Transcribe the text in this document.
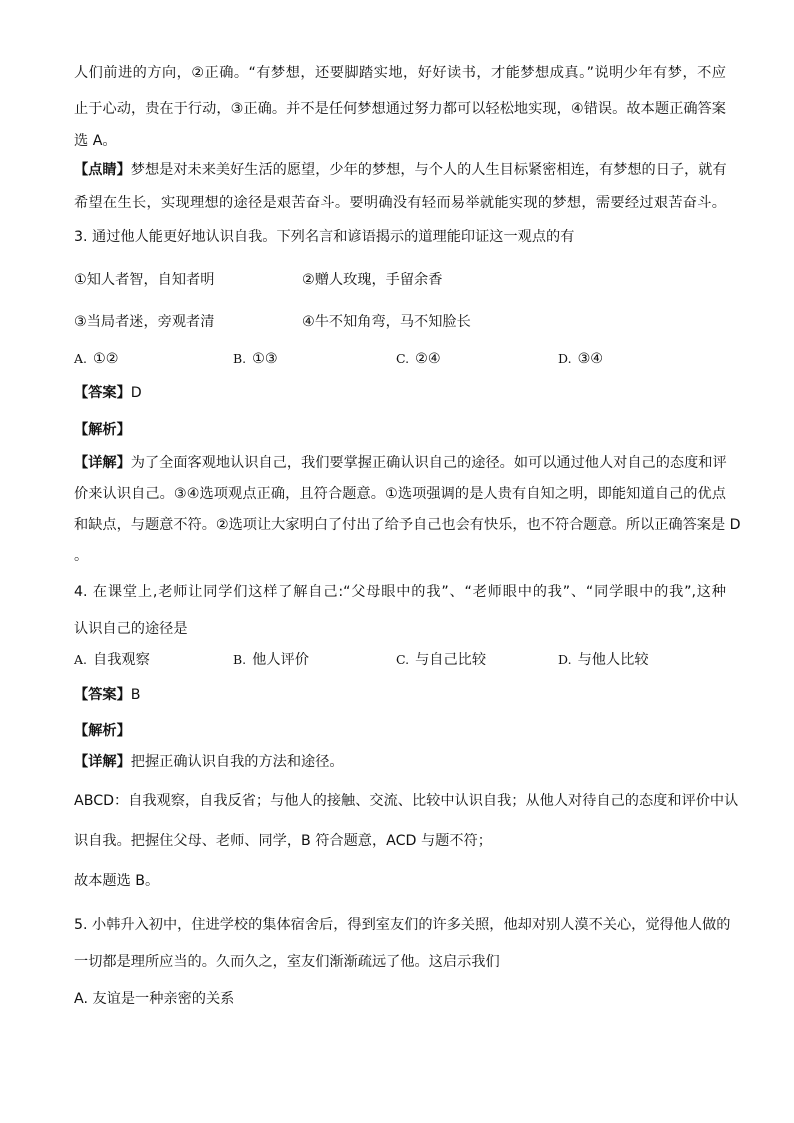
人们前进的方向，②正确。“有梦想，还要脚踏实地，好好读书，才能梦想成真。”说明少年有梦，不应
止于心动，贵在于行动，③正确。并不是任何梦想通过努力都可以轻松地实现，④错误。故本题正确答案
选 A。
【点睛】梦想是对未来美好生活的愿望，少年的梦想，与个人的人生目标紧密相连，有梦想的日子，就有
希望在生长，实现理想的途径是艰苦奋斗。要明确没有轻而易举就能实现的梦想，需要经过艰苦奋斗。
3. 通过他人能更好地认识自我。下列名言和谚语揭示的道理能印证这一观点的有
①知人者智，自知者明	②赠人玫瑰，手留余香
③当局者迷，旁观者清	④牛不知角弯，马不知脸长
A. ①②	B. ①③	C. ②④	D. ③④
【答案】D
【解析】
【详解】为了全面客观地认识自己，我们要掌握正确认识自己的途径。如可以通过他人对自己的态度和评
价来认识自己。③④选项观点正确，且符合题意。①选项强调的是人贵有自知之明，即能知道自己的优点
和缺点，与题意不符。②选项让大家明白了付出了给予自己也会有快乐，也不符合题意。所以正确答案是 D
。
4. 在课堂上,老师让同学们这样了解自己:“父母眼中的我”、“老师眼中的我”、“同学眼中的我”,这种
认识自己的途径是
A. 自我观察	B. 他人评价	C. 与自己比较	D. 与他人比较
【答案】B
【解析】
【详解】把握正确认识自我的方法和途径。
ABCD：自我观察，自我反省；与他人的接触、交流、比较中认识自我；从他人对待自己的态度和评价中认
识自我。把握住父母、老师、同学，B 符合题意，ACD 与题不符；
故本题选 B。
5. 小韩升入初中，住进学校的集体宿舍后，得到室友们的许多关照，他却对别人漠不关心，觉得他人做的
一切都是理所应当的。久而久之，室友们渐渐疏远了他。这启示我们
A. 友谊是一种亲密的关系
